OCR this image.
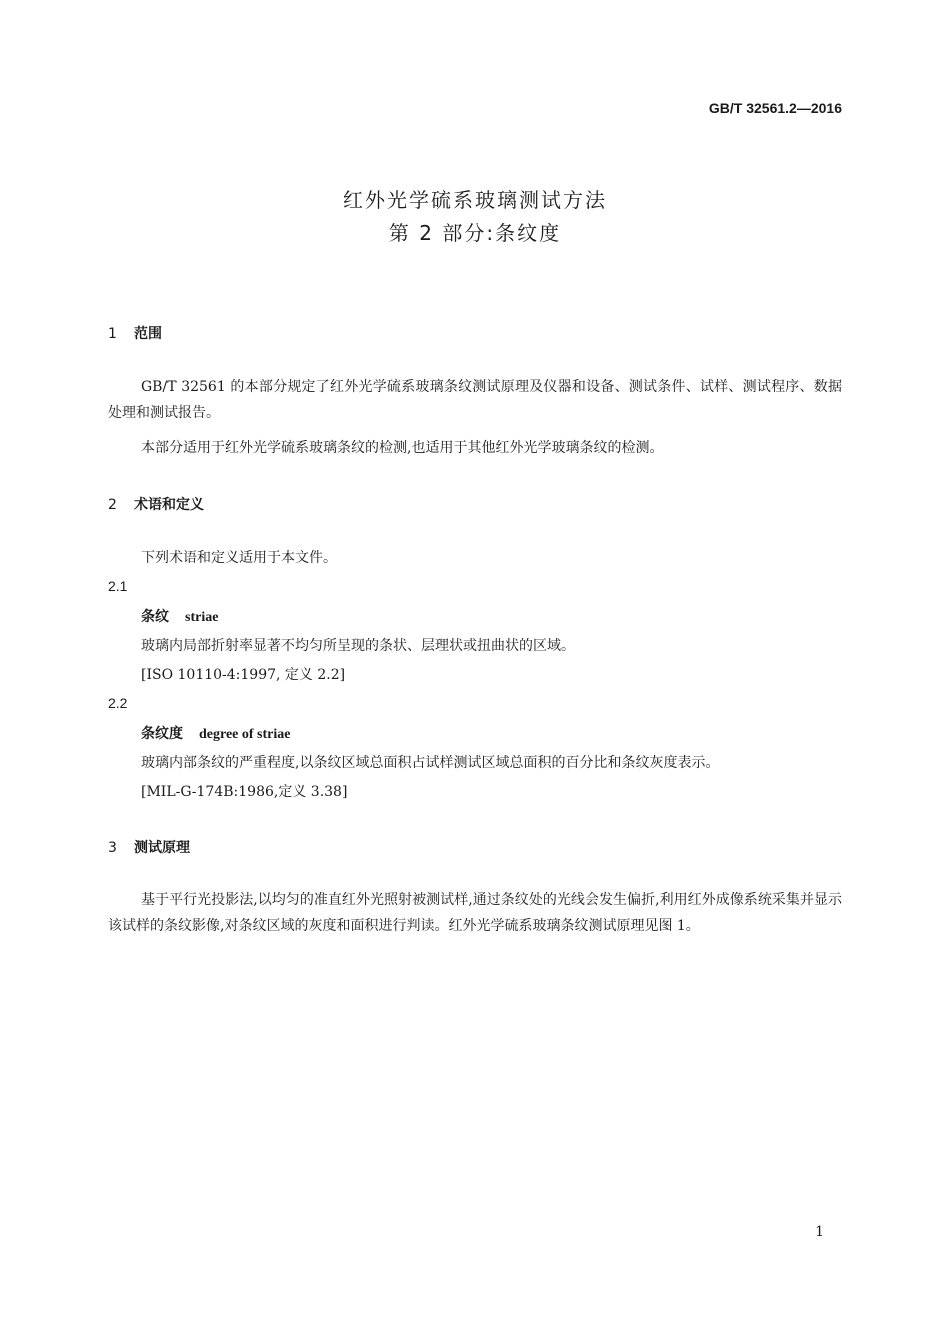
GB/T 32561.2—2016
红外光学硫系玻璃测试方法
第 2 部分:条纹度
1 范围
GB/T 32561 的本部分规定了红外光学硫系玻璃条纹测试原理及仪器和设备、测试条件、试样、测试程序、数据处理和测试报告。
本部分适用于红外光学硫系玻璃条纹的检测,也适用于其他红外光学玻璃条纹的检测。
2 术语和定义
下列术语和定义适用于本文件。
2.1
条纹 striae
玻璃内局部折射率显著不均匀所呈现的条状、层理状或扭曲状的区域。
[ISO 10110-4:1997, 定义 2.2]
2.2
条纹度 degree of striae
玻璃内部条纹的严重程度,以条纹区域总面积占试样测试区域总面积的百分比和条纹灰度表示。
[MIL-G-174B:1986,定义 3.38]
3 测试原理
基于平行光投影法,以均匀的准直红外光照射被测试样,通过条纹处的光线会发生偏折,利用红外成像系统采集并显示该试样的条纹影像,对条纹区域的灰度和面积进行判读。红外光学硫系玻璃条纹测试原理见图 1。
1
